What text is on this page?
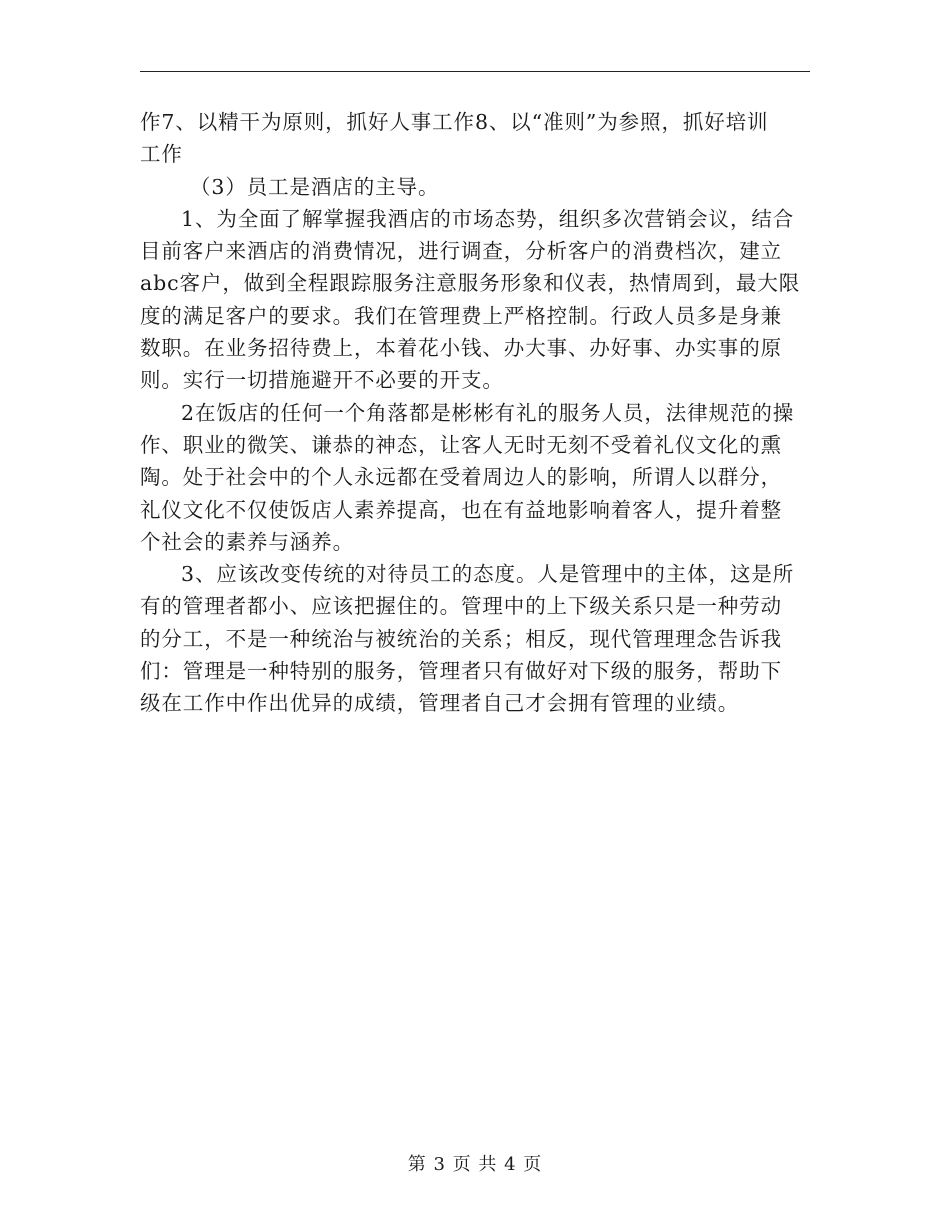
作7、以精干为原则，抓好人事工作8、以“准则”为参照，抓好培训
工作
（3）员工是酒店的主导。
1、为全面了解掌握我酒店的市场态势，组织多次营销会议，结合
目前客户来酒店的消费情况，进行调查，分析客户的消费档次，建立
abc客户，做到全程跟踪服务注意服务形象和仪表，热情周到，最大限
度的满足客户的要求。我们在管理费上严格控制。行政人员多是身兼
数职。在业务招待费上，本着花小钱、办大事、办好事、办实事的原
则。实行一切措施避开不必要的开支。
2在饭店的任何一个角落都是彬彬有礼的服务人员，法律规范的操
作、职业的微笑、谦恭的神态，让客人无时无刻不受着礼仪文化的熏
陶。处于社会中的个人永远都在受着周边人的影响，所谓人以群分，
礼仪文化不仅使饭店人素养提高，也在有益地影响着客人，提升着整
个社会的素养与涵养。
3、应该改变传统的对待员工的态度。人是管理中的主体，这是所
有的管理者都小、应该把握住的。管理中的上下级关系只是一种劳动
的分工，不是一种统治与被统治的关系；相反，现代管理理念告诉我
们：管理是一种特别的服务，管理者只有做好对下级的服务，帮助下
级在工作中作出优异的成绩，管理者自己才会拥有管理的业绩。
第 3 页 共 4 页
